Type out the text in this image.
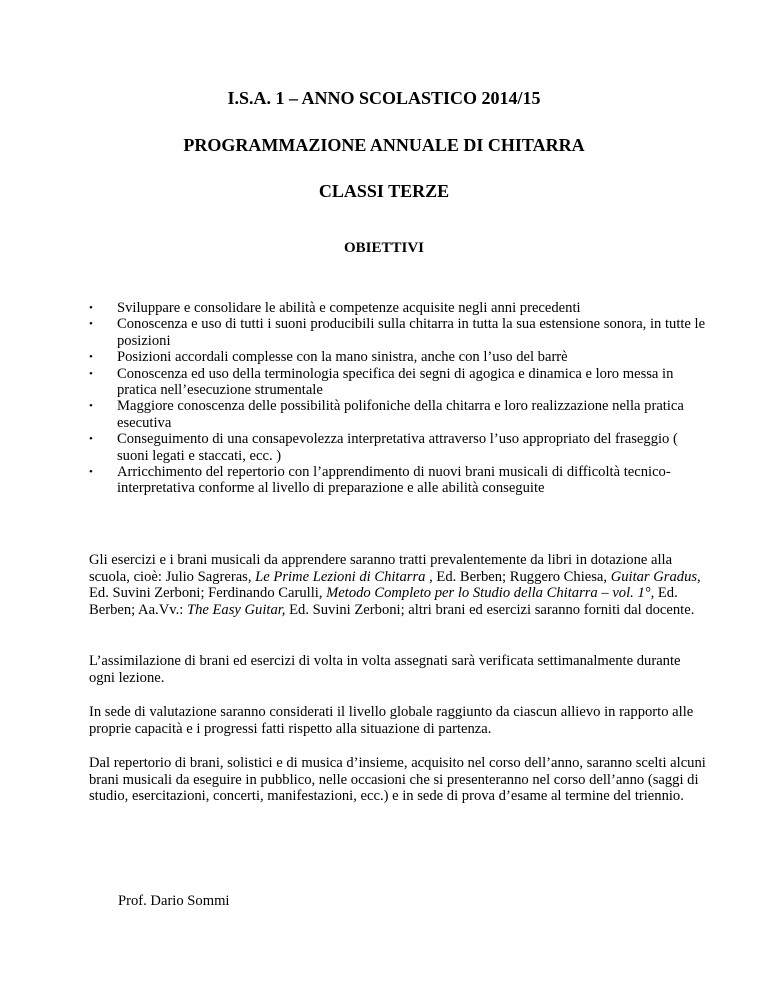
I.S.A. 1 – ANNO SCOLASTICO 2014/15
PROGRAMMAZIONE ANNUALE DI CHITARRA
CLASSI TERZE
OBIETTIVI
• Sviluppare e consolidare le abilità e competenze acquisite negli anni precedenti
• Conoscenza e uso di tutti i suoni producibili sulla chitarra in tutta la sua estensione sonora, in tutte le posizioni
• Posizioni accordali complesse con la mano sinistra, anche con l’uso del barrè
• Conoscenza ed uso della terminologia specifica dei segni di agogica e dinamica e loro messa in pratica nell’esecuzione strumentale
• Maggiore conoscenza delle possibilità polifoniche della chitarra e loro realizzazione nella pratica esecutiva
• Conseguimento di una consapevolezza interpretativa attraverso l’uso appropriato del fraseggio ( suoni legati e staccati, ecc. )
• Arricchimento del repertorio con l’apprendimento di nuovi brani musicali di difficoltà tecnico-interpretativa conforme al livello di preparazione e alle abilità conseguite

Gli esercizi e i brani musicali da apprendere saranno tratti prevalentemente da libri in dotazione alla scuola, cioè: Julio Sagreras, Le Prime Lezioni di Chitarra , Ed. Berben; Ruggero Chiesa, Guitar Gradus, Ed. Suvini Zerboni; Ferdinando Carulli, Metodo Completo per lo Studio della Chitarra – vol. 1°, Ed. Berben; Aa.Vv.: The Easy Guitar, Ed. Suvini Zerboni; altri brani ed esercizi saranno forniti dal docente.

L’assimilazione di brani ed esercizi di volta in volta assegnati sarà verificata settimanalmente durante ogni lezione.

In sede di valutazione saranno considerati il livello globale raggiunto da ciascun allievo in rapporto alle proprie capacità e i progressi fatti rispetto alla situazione di partenza.

Dal repertorio di brani, solistici e di musica d’insieme, acquisito nel corso dell’anno, saranno scelti alcuni brani musicali da eseguire in pubblico, nelle occasioni che si presenteranno nel corso dell’anno (saggi di studio, esercitazioni, concerti, manifestazioni, ecc.) e in sede di prova d’esame al termine del triennio.

Prof. Dario Sommi
